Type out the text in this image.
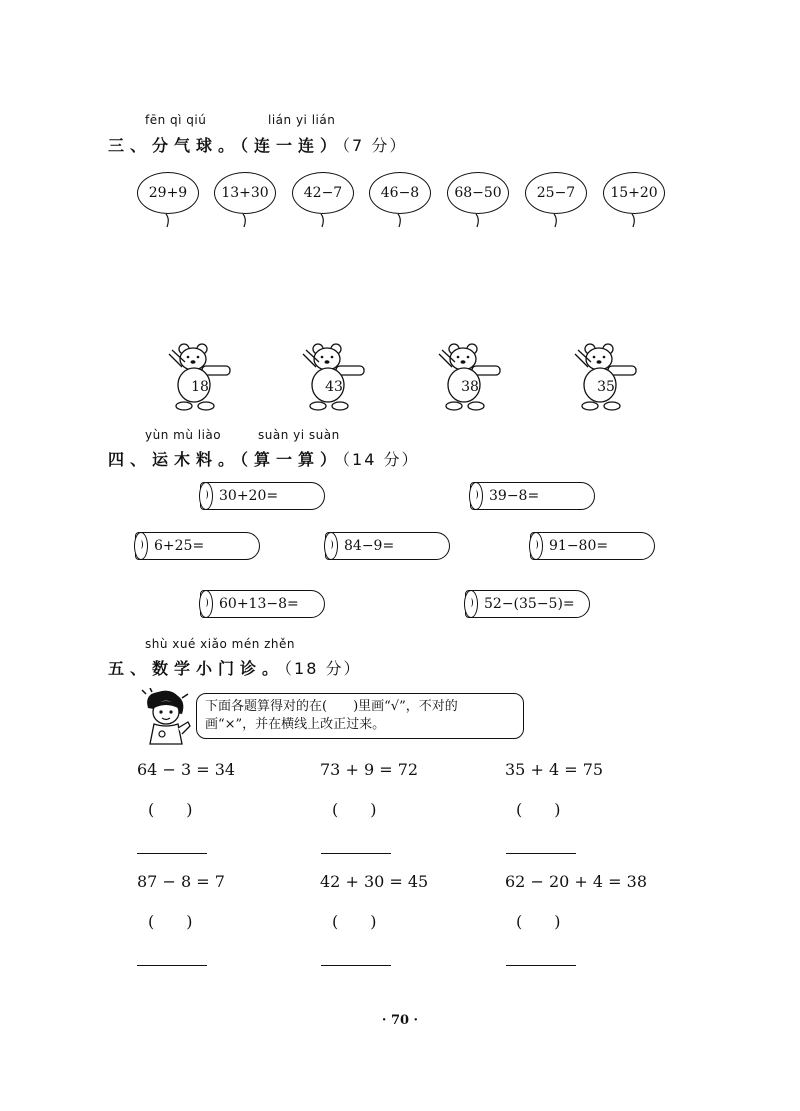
fēn qì qiú	lián yi lián
三、分气球。（连一连）（7 分）
29+9	13+30	42−7	46−8	68−50	25−7	15+20
18	43	38	35
yùn mù liào	suàn yi suàn
四、运木料。（算一算）（14 分）
30+20=	39−8=
6+25=	84−9=	91−80=
60+13−8=	52−(35−5)=
shù xué xiǎo mén zhěn
五、数学小门诊。（18 分）
下面各题算得对的在(　　)里画“√”，不对的
画“×”，并在横线上改正过来。
64 − 3 = 34	73 + 9 = 72	35 + 4 = 75
(　　)	(　　)	(　　)
87 − 8 = 7	42 + 30 = 45	62 − 20 + 4 = 38
(　　)	(　　)	(　　)
· 70 ·
